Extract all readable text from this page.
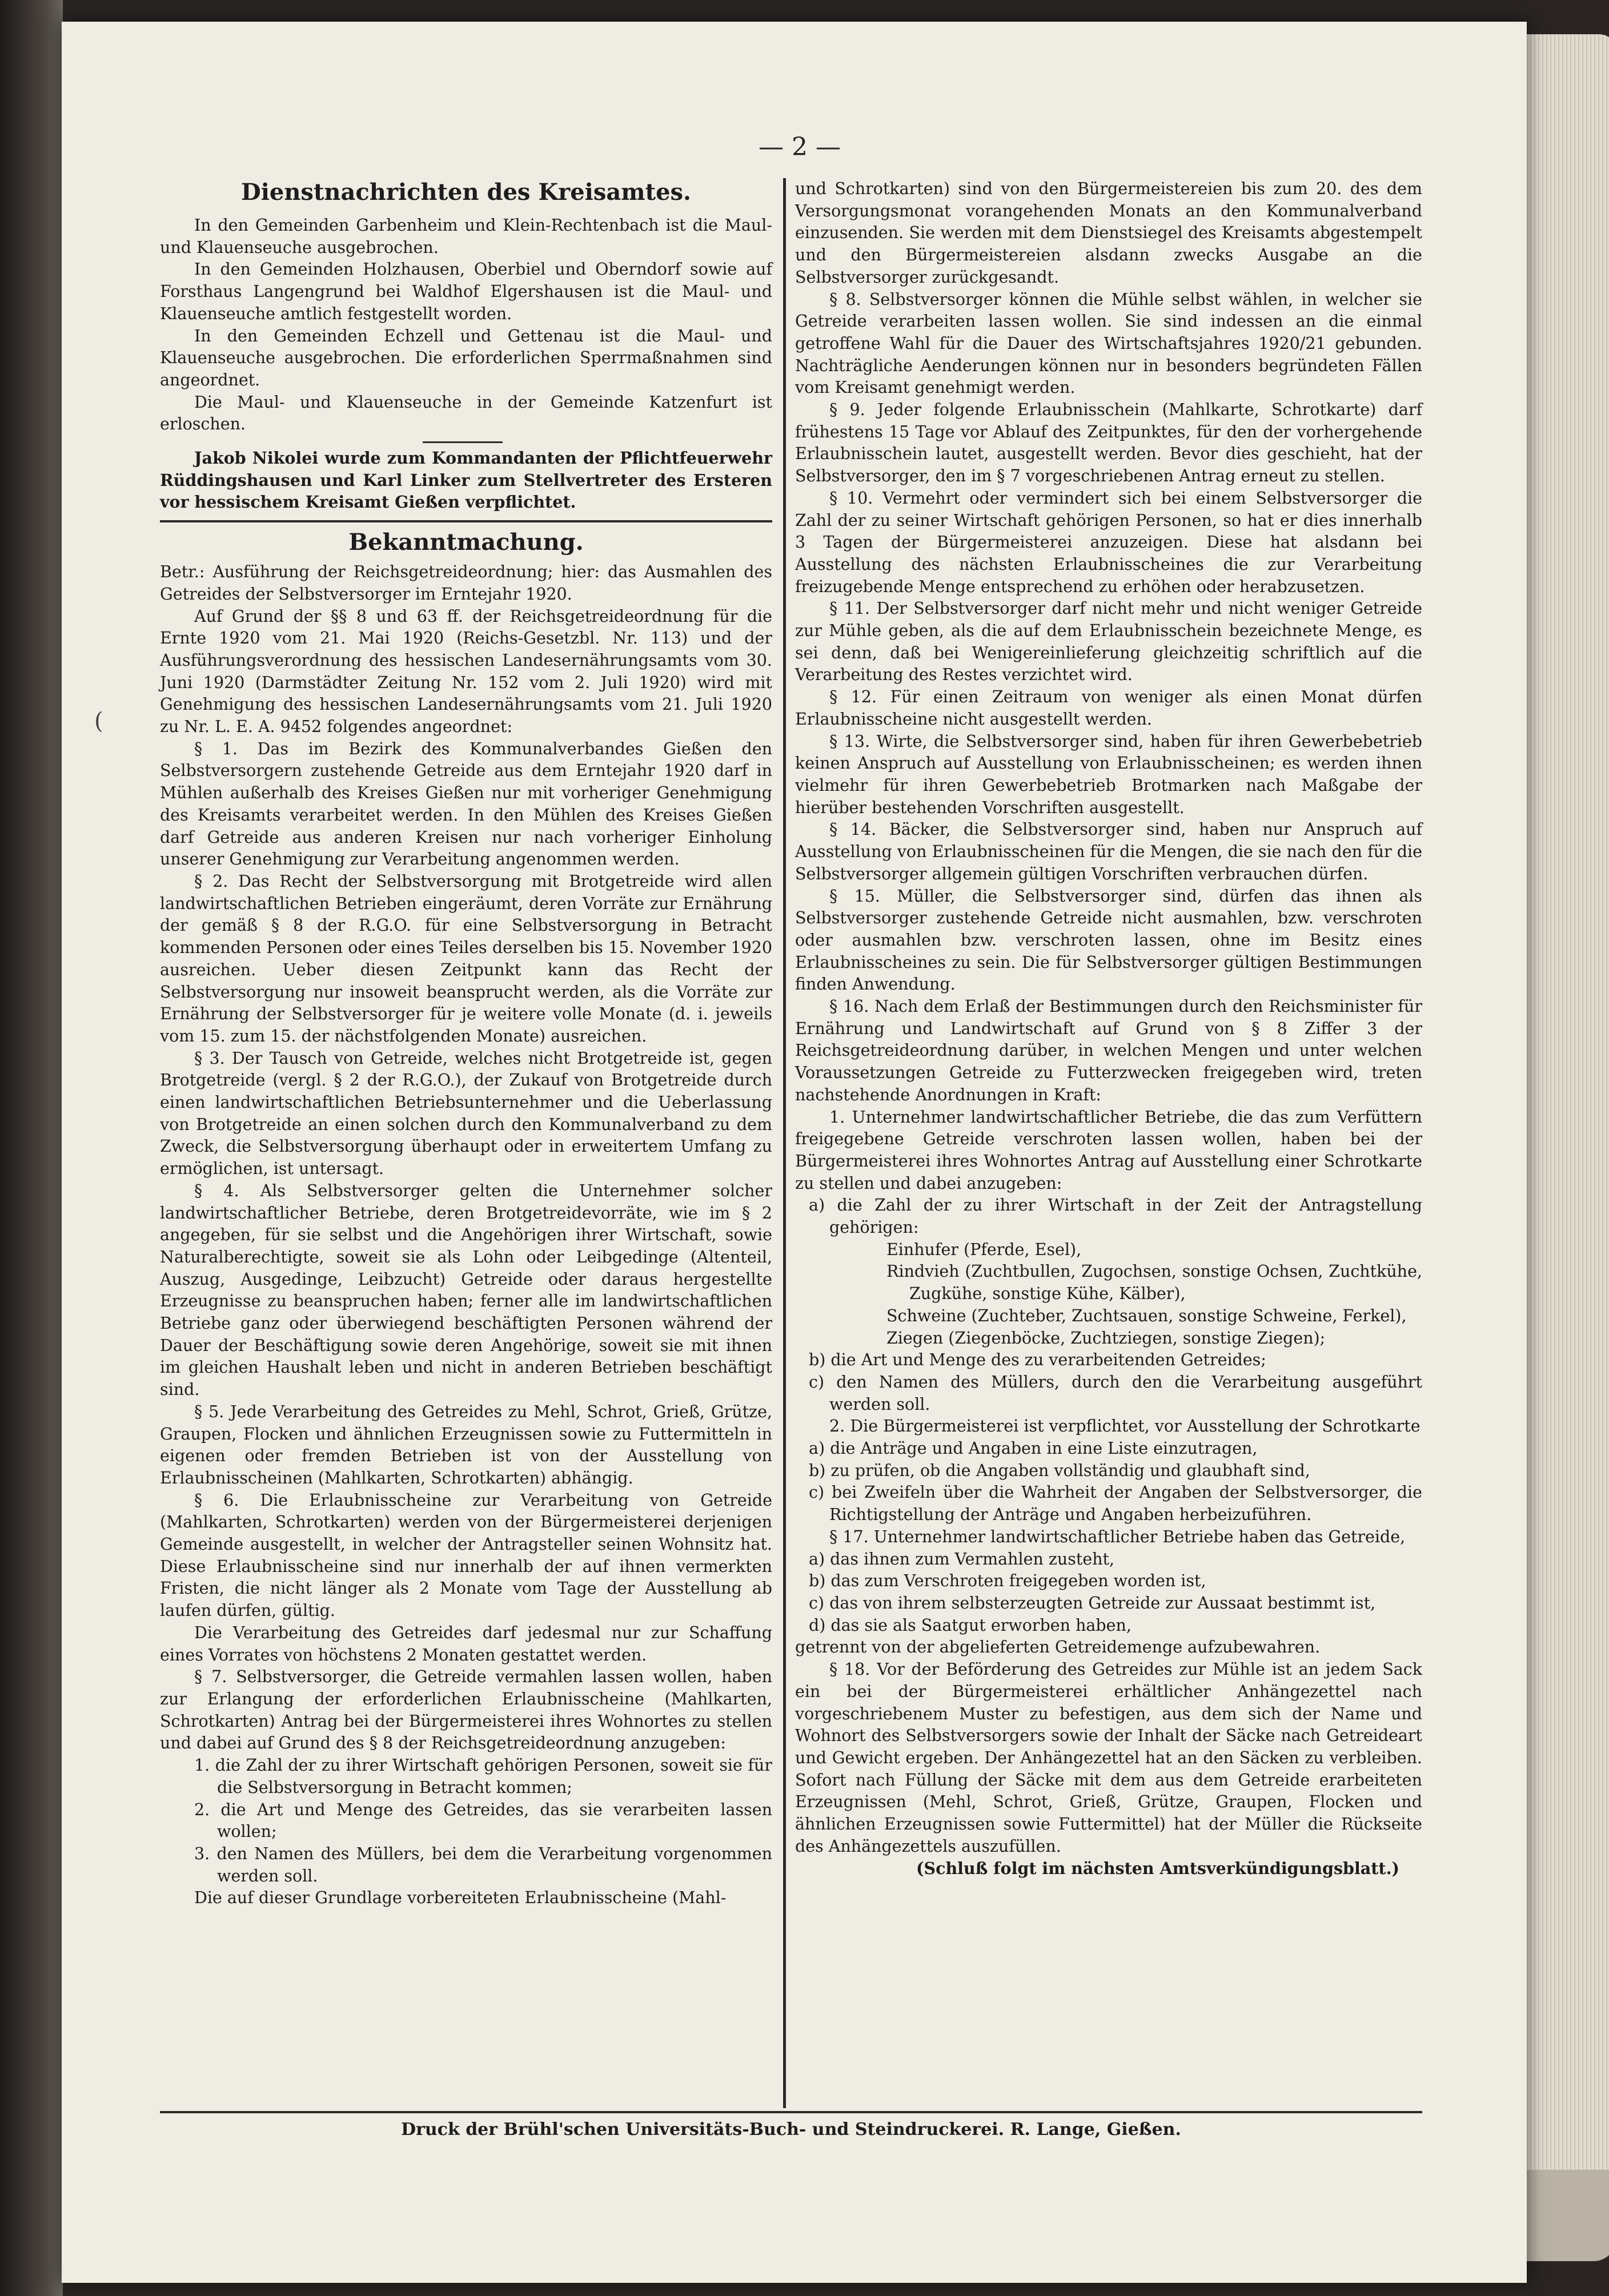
— 2 —
(
Dienstnachrichten des Kreisamtes.

In den Gemeinden Garbenheim und Klein-Rechtenbach ist die Maul- und Klauenseuche ausgebrochen.

In den Gemeinden Holzhausen, Oberbiel und Oberndorf sowie auf Forsthaus Langengrund bei Waldhof Elgershausen ist die Maul- und Klauenseuche amtlich festgestellt worden.

In den Gemeinden Echzell und Gettenau ist die Maul- und Klauenseuche ausgebrochen. Die erforderlichen Sperrmaßnahmen sind angeordnet.

Die Maul- und Klauenseuche in der Gemeinde Katzenfurt ist erloschen.

Jakob Nikolei wurde zum Kommandanten der Pflichtfeuerwehr Rüddingshausen und Karl Linker zum Stellvertreter des Ersteren vor hessischem Kreisamt Gießen verpflichtet.

Bekanntmachung.

Betr.: Ausführung der Reichsgetreideordnung; hier: das Ausmahlen des Getreides der Selbstversorger im Erntejahr 1920.

Auf Grund der §§ 8 und 63 ff. der Reichsgetreideordnung für die Ernte 1920 vom 21. Mai 1920 (Reichs-Gesetzbl. Nr. 113) und der Ausführungsverordnung des hessischen Landesernährungsamts vom 30. Juni 1920 (Darmstädter Zeitung Nr. 152 vom 2. Juli 1920) wird mit Genehmigung des hessischen Landesernährungsamts vom 21. Juli 1920 zu Nr. L. E. A. 9452 folgendes angeordnet:

§ 1. Das im Bezirk des Kommunalverbandes Gießen den Selbstversorgern zustehende Getreide aus dem Erntejahr 1920 darf in Mühlen außerhalb des Kreises Gießen nur mit vorheriger Genehmigung des Kreisamts verarbeitet werden. In den Mühlen des Kreises Gießen darf Getreide aus anderen Kreisen nur nach vorheriger Einholung unserer Genehmigung zur Verarbeitung angenommen werden.

§ 2. Das Recht der Selbstversorgung mit Brotgetreide wird allen landwirtschaftlichen Betrieben eingeräumt, deren Vorräte zur Ernährung der gemäß § 8 der R.G.O. für eine Selbstversorgung in Betracht kommenden Personen oder eines Teiles derselben bis 15. November 1920 ausreichen. Ueber diesen Zeitpunkt kann das Recht der Selbstversorgung nur insoweit beansprucht werden, als die Vorräte zur Ernährung der Selbstversorger für je weitere volle Monate (d. i. jeweils vom 15. zum 15. der nächstfolgenden Monate) ausreichen.

§ 3. Der Tausch von Getreide, welches nicht Brotgetreide ist, gegen Brotgetreide (vergl. § 2 der R.G.O.), der Zukauf von Brotgetreide durch einen landwirtschaftlichen Betriebsunternehmer und die Ueberlassung von Brotgetreide an einen solchen durch den Kommunalverband zu dem Zweck, die Selbstversorgung überhaupt oder in erweitertem Umfang zu ermöglichen, ist untersagt.

§ 4. Als Selbstversorger gelten die Unternehmer solcher landwirtschaftlicher Betriebe, deren Brotgetreidevorräte, wie im § 2 angegeben, für sie selbst und die Angehörigen ihrer Wirtschaft, sowie Naturalberechtigte, soweit sie als Lohn oder Leibgedinge (Altenteil, Auszug, Ausgedinge, Leibzucht) Getreide oder daraus hergestellte Erzeugnisse zu beanspruchen haben; ferner alle im landwirtschaftlichen Betriebe ganz oder überwiegend beschäftigten Personen während der Dauer der Beschäftigung sowie deren Angehörige, soweit sie mit ihnen im gleichen Haushalt leben und nicht in anderen Betrieben beschäftigt sind.

§ 5. Jede Verarbeitung des Getreides zu Mehl, Schrot, Grieß, Grütze, Graupen, Flocken und ähnlichen Erzeugnissen sowie zu Futtermitteln in eigenen oder fremden Betrieben ist von der Ausstellung von Erlaubnisscheinen (Mahlkarten, Schrotkarten) abhängig.

§ 6. Die Erlaubnisscheine zur Verarbeitung von Getreide (Mahlkarten, Schrotkarten) werden von der Bürgermeisterei derjenigen Gemeinde ausgestellt, in welcher der Antragsteller seinen Wohnsitz hat. Diese Erlaubnisscheine sind nur innerhalb der auf ihnen vermerkten Fristen, die nicht länger als 2 Monate vom Tage der Ausstellung ab laufen dürfen, gültig.

Die Verarbeitung des Getreides darf jedesmal nur zur Schaffung eines Vorrates von höchstens 2 Monaten gestattet werden.

§ 7. Selbstversorger, die Getreide vermahlen lassen wollen, haben zur Erlangung der erforderlichen Erlaubnisscheine (Mahlkarten, Schrotkarten) Antrag bei der Bürgermeisterei ihres Wohnortes zu stellen und dabei auf Grund des § 8 der Reichsgetreideordnung anzugeben:

1. die Zahl der zu ihrer Wirtschaft gehörigen Personen, soweit sie für die Selbstversorgung in Betracht kommen;

2. die Art und Menge des Getreides, das sie verarbeiten lassen wollen;

3. den Namen des Müllers, bei dem die Verarbeitung vorgenommen werden soll.

Die auf dieser Grundlage vorbereiteten Erlaubnisscheine (Mahl-

und Schrotkarten) sind von den Bürgermeistereien bis zum 20. des dem Versorgungsmonat vorangehenden Monats an den Kommunalverband einzusenden. Sie werden mit dem Dienstsiegel des Kreisamts abgestempelt und den Bürgermeistereien alsdann zwecks Ausgabe an die Selbstversorger zurückgesandt.

§ 8. Selbstversorger können die Mühle selbst wählen, in welcher sie Getreide verarbeiten lassen wollen. Sie sind indessen an die einmal getroffene Wahl für die Dauer des Wirtschaftsjahres 1920/21 gebunden. Nachträgliche Aenderungen können nur in besonders begründeten Fällen vom Kreisamt genehmigt werden.

§ 9. Jeder folgende Erlaubnisschein (Mahlkarte, Schrotkarte) darf frühestens 15 Tage vor Ablauf des Zeitpunktes, für den der vorhergehende Erlaubnisschein lautet, ausgestellt werden. Bevor dies geschieht, hat der Selbstversorger, den im § 7 vorgeschriebenen Antrag erneut zu stellen.

§ 10. Vermehrt oder vermindert sich bei einem Selbstversorger die Zahl der zu seiner Wirtschaft gehörigen Personen, so hat er dies innerhalb 3 Tagen der Bürgermeisterei anzuzeigen. Diese hat alsdann bei Ausstellung des nächsten Erlaubnisscheines die zur Verarbeitung freizugebende Menge entsprechend zu erhöhen oder herabzusetzen.

§ 11. Der Selbstversorger darf nicht mehr und nicht weniger Getreide zur Mühle geben, als die auf dem Erlaubnisschein bezeichnete Menge, es sei denn, daß bei Wenigereinlieferung gleichzeitig schriftlich auf die Verarbeitung des Restes verzichtet wird.

§ 12. Für einen Zeitraum von weniger als einen Monat dürfen Erlaubnisscheine nicht ausgestellt werden.

§ 13. Wirte, die Selbstversorger sind, haben für ihren Gewerbebetrieb keinen Anspruch auf Ausstellung von Erlaubnisscheinen; es werden ihnen vielmehr für ihren Gewerbebetrieb Brotmarken nach Maßgabe der hierüber bestehenden Vorschriften ausgestellt.

§ 14. Bäcker, die Selbstversorger sind, haben nur Anspruch auf Ausstellung von Erlaubnisscheinen für die Mengen, die sie nach den für die Selbstversorger allgemein gültigen Vorschriften verbrauchen dürfen.

§ 15. Müller, die Selbstversorger sind, dürfen das ihnen als Selbstversorger zustehende Getreide nicht ausmahlen, bzw. verschroten oder ausmahlen bzw. verschroten lassen, ohne im Besitz eines Erlaubnisscheines zu sein. Die für Selbstversorger gültigen Bestimmungen finden Anwendung.

§ 16. Nach dem Erlaß der Bestimmungen durch den Reichsminister für Ernährung und Landwirtschaft auf Grund von § 8 Ziffer 3 der Reichsgetreideordnung darüber, in welchen Mengen und unter welchen Voraussetzungen Getreide zu Futterzwecken freigegeben wird, treten nachstehende Anordnungen in Kraft:

1. Unternehmer landwirtschaftlicher Betriebe, die das zum Verfüttern freigegebene Getreide verschroten lassen wollen, haben bei der Bürgermeisterei ihres Wohnortes Antrag auf Ausstellung einer Schrotkarte zu stellen und dabei anzugeben:

a) die Zahl der zu ihrer Wirtschaft in der Zeit der Antragstellung gehörigen:

Einhufer (Pferde, Esel),

Rindvieh (Zuchtbullen, Zugochsen, sonstige Ochsen, Zuchtkühe, Zugkühe, sonstige Kühe, Kälber),

Schweine (Zuchteber, Zuchtsauen, sonstige Schweine, Ferkel),

Ziegen (Ziegenböcke, Zuchtziegen, sonstige Ziegen);

b) die Art und Menge des zu verarbeitenden Getreides;

c) den Namen des Müllers, durch den die Verarbeitung ausgeführt werden soll.

2. Die Bürgermeisterei ist verpflichtet, vor Ausstellung der Schrotkarte

a) die Anträge und Angaben in eine Liste einzutragen,

b) zu prüfen, ob die Angaben vollständig und glaubhaft sind,

c) bei Zweifeln über die Wahrheit der Angaben der Selbstversorger, die Richtigstellung der Anträge und Angaben herbeizuführen.

§ 17. Unternehmer landwirtschaftlicher Betriebe haben das Getreide,

a) das ihnen zum Vermahlen zusteht,

b) das zum Verschroten freigegeben worden ist,

c) das von ihrem selbsterzeugten Getreide zur Aussaat bestimmt ist,

d) das sie als Saatgut erworben haben,

getrennt von der abgelieferten Getreidemenge aufzubewahren.

§ 18. Vor der Beförderung des Getreides zur Mühle ist an jedem Sack ein bei der Bürgermeisterei erhältlicher Anhängezettel nach vorgeschriebenem Muster zu befestigen, aus dem sich der Name und Wohnort des Selbstversorgers sowie der Inhalt der Säcke nach Getreideart und Gewicht ergeben. Der Anhängezettel hat an den Säcken zu verbleiben. Sofort nach Füllung der Säcke mit dem aus dem Getreide erarbeiteten Erzeugnissen (Mehl, Schrot, Grieß, Grütze, Graupen, Flocken und ähnlichen Erzeugnissen sowie Futtermittel) hat der Müller die Rückseite des Anhängezettels auszufüllen.

(Schluß folgt im nächsten Amtsverkündigungsblatt.)

Druck der Brühl'schen Universitäts-Buch- und Steindruckerei. R. Lange, Gießen.
